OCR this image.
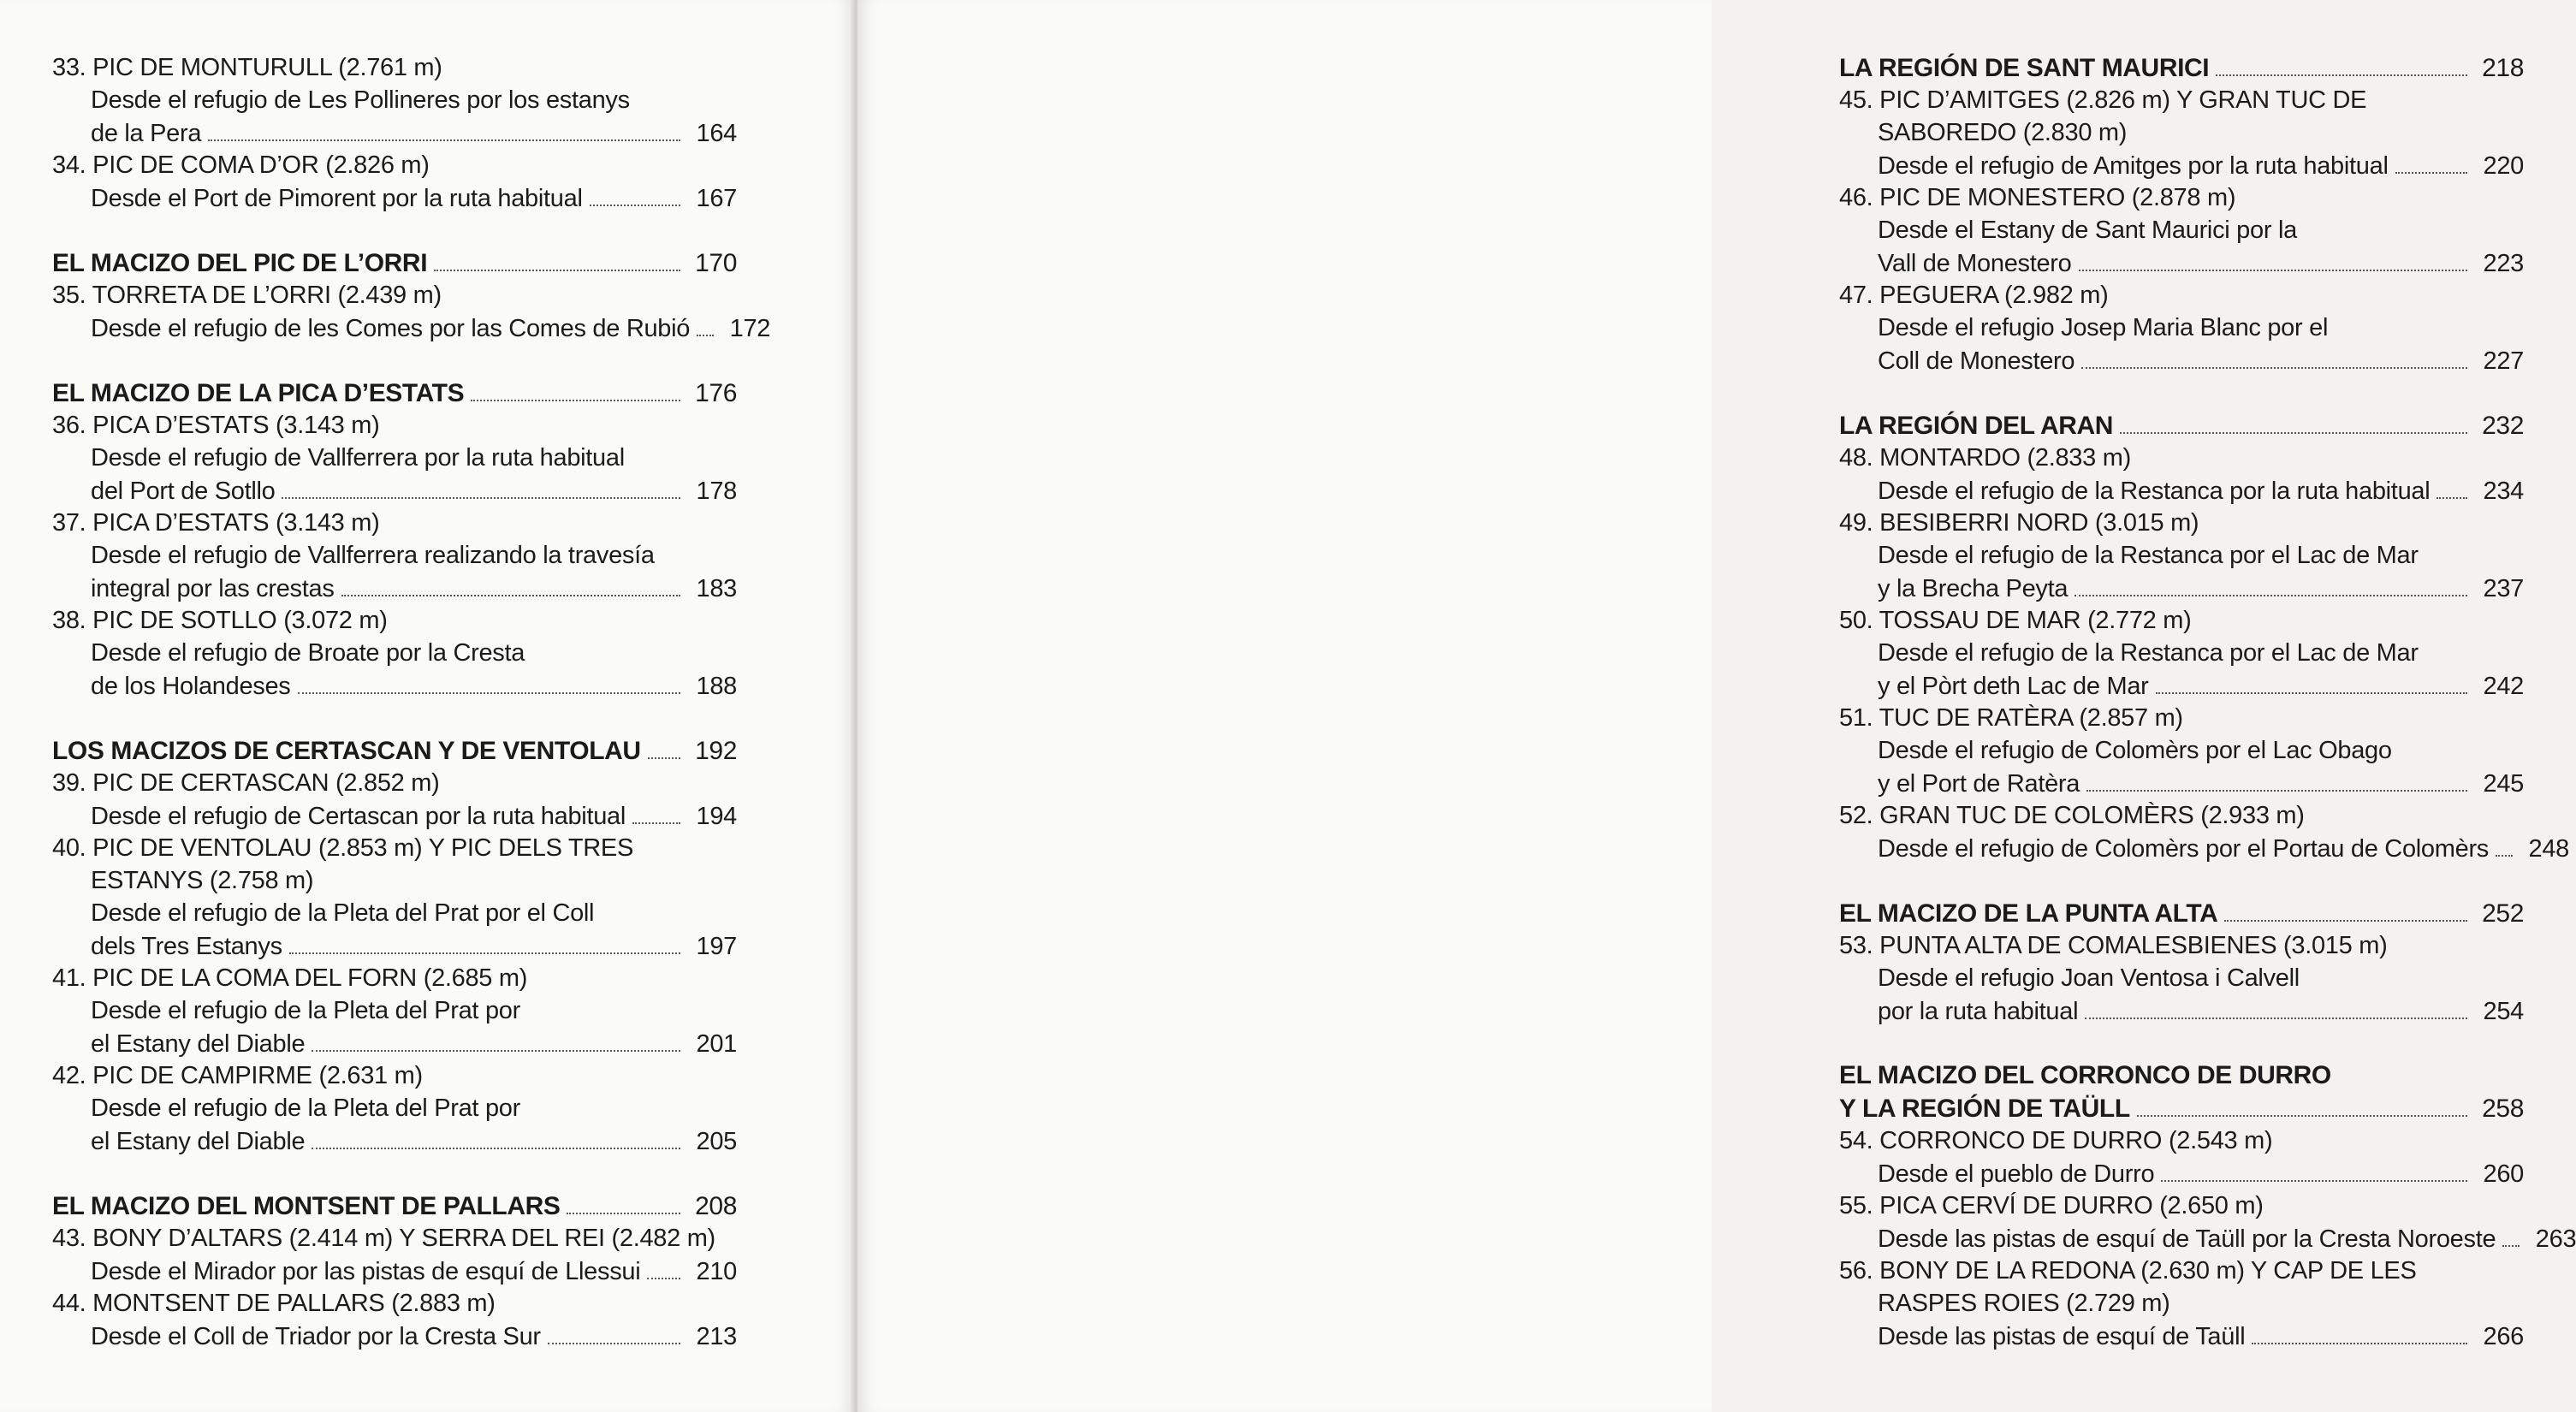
33. PIC DE MONTURULL (2.761 m)
Desde el refugio de Les Pollineres por los estanys
de la Pera	164
34. PIC DE COMA D’OR (2.826 m)
Desde el Port de Pimorent por la ruta habitual	167
EL MACIZO DEL PIC DE L’ORRI	170
35. TORRETA DE L’ORRI (2.439 m)
Desde el refugio de les Comes por las Comes de Rubió 172
EL MACIZO DE LA PICA D’ESTATS	176
36. PICA D’ESTATS (3.143 m)
Desde el refugio de Vallferrera por la ruta habitual
del Port de Sotllo	178
37. PICA D’ESTATS (3.143 m)
Desde el refugio de Vallferrera realizando la travesía
integral por las crestas	183
38. PIC DE SOTLLO (3.072 m)
Desde el refugio de Broate por la Cresta
de los Holandeses	188
LOS MACIZOS DE CERTASCAN Y DE VENTOLAU 192
39. PIC DE CERTASCAN (2.852 m)
Desde el refugio de Certascan por la ruta habitual	194
40. PIC DE VENTOLAU (2.853 m) Y PIC DELS TRES
ESTANYS (2.758 m)
Desde el refugio de la Pleta del Prat por el Coll
dels Tres Estanys	197
41. PIC DE LA COMA DEL FORN (2.685 m)
Desde el refugio de la Pleta del Prat por
el Estany del Diable	201
42. PIC DE CAMPIRME (2.631 m)
Desde el refugio de la Pleta del Prat por
el Estany del Diable	205
EL MACIZO DEL MONTSENT DE PALLARS	208
43. BONY D’ALTARS (2.414 m) Y SERRA DEL REI (2.482 m)
Desde el Mirador por las pistas de esquí de Llessui 210
44. MONTSENT DE PALLARS (2.883 m)
Desde el Coll de Triador por la Cresta Sur	213
LA REGIÓN DE SANT MAURICI	218
45. PIC D’AMITGES (2.826 m) Y GRAN TUC DE
SABOREDO (2.830 m)
Desde el refugio de Amitges por la ruta habitual	220
46. PIC DE MONESTERO (2.878 m)
Desde el Estany de Sant Maurici por la
Vall de Monestero	223
47. PEGUERA (2.982 m)
Desde el refugio Josep Maria Blanc por el
Coll de Monestero	227
LA REGIÓN DEL ARAN	232
48. MONTARDO (2.833 m)
Desde el refugio de la Restanca por la ruta habitual 234
49. BESIBERRI NORD (3.015 m)
Desde el refugio de la Restanca por el Lac de Mar
y la Brecha Peyta	237
50. TOSSAU DE MAR (2.772 m)
Desde el refugio de la Restanca por el Lac de Mar
y el Pòrt deth Lac de Mar	242
51. TUC DE RATÈRA (2.857 m)
Desde el refugio de Colomèrs por el Lac Obago
y el Port de Ratèra	245
52. GRAN TUC DE COLOMÈRS (2.933 m)
Desde el refugio de Colomèrs por el Portau de Colomèrs 248
EL MACIZO DE LA PUNTA ALTA	252
53. PUNTA ALTA DE COMALESBIENES (3.015 m)
Desde el refugio Joan Ventosa i Calvell
por la ruta habitual	254
EL MACIZO DEL CORRONCO DE DURRO
Y LA REGIÓN DE TAÜLL	258
54. CORRONCO DE DURRO (2.543 m)
Desde el pueblo de Durro	260
55. PICA CERVÍ DE DURRO (2.650 m)
Desde las pistas de esquí de Taüll por la Cresta Noroeste 263
56. BONY DE LA REDONA (2.630 m) Y CAP DE LES
RASPES ROIES (2.729 m)
Desde las pistas de esquí de Taüll	266
